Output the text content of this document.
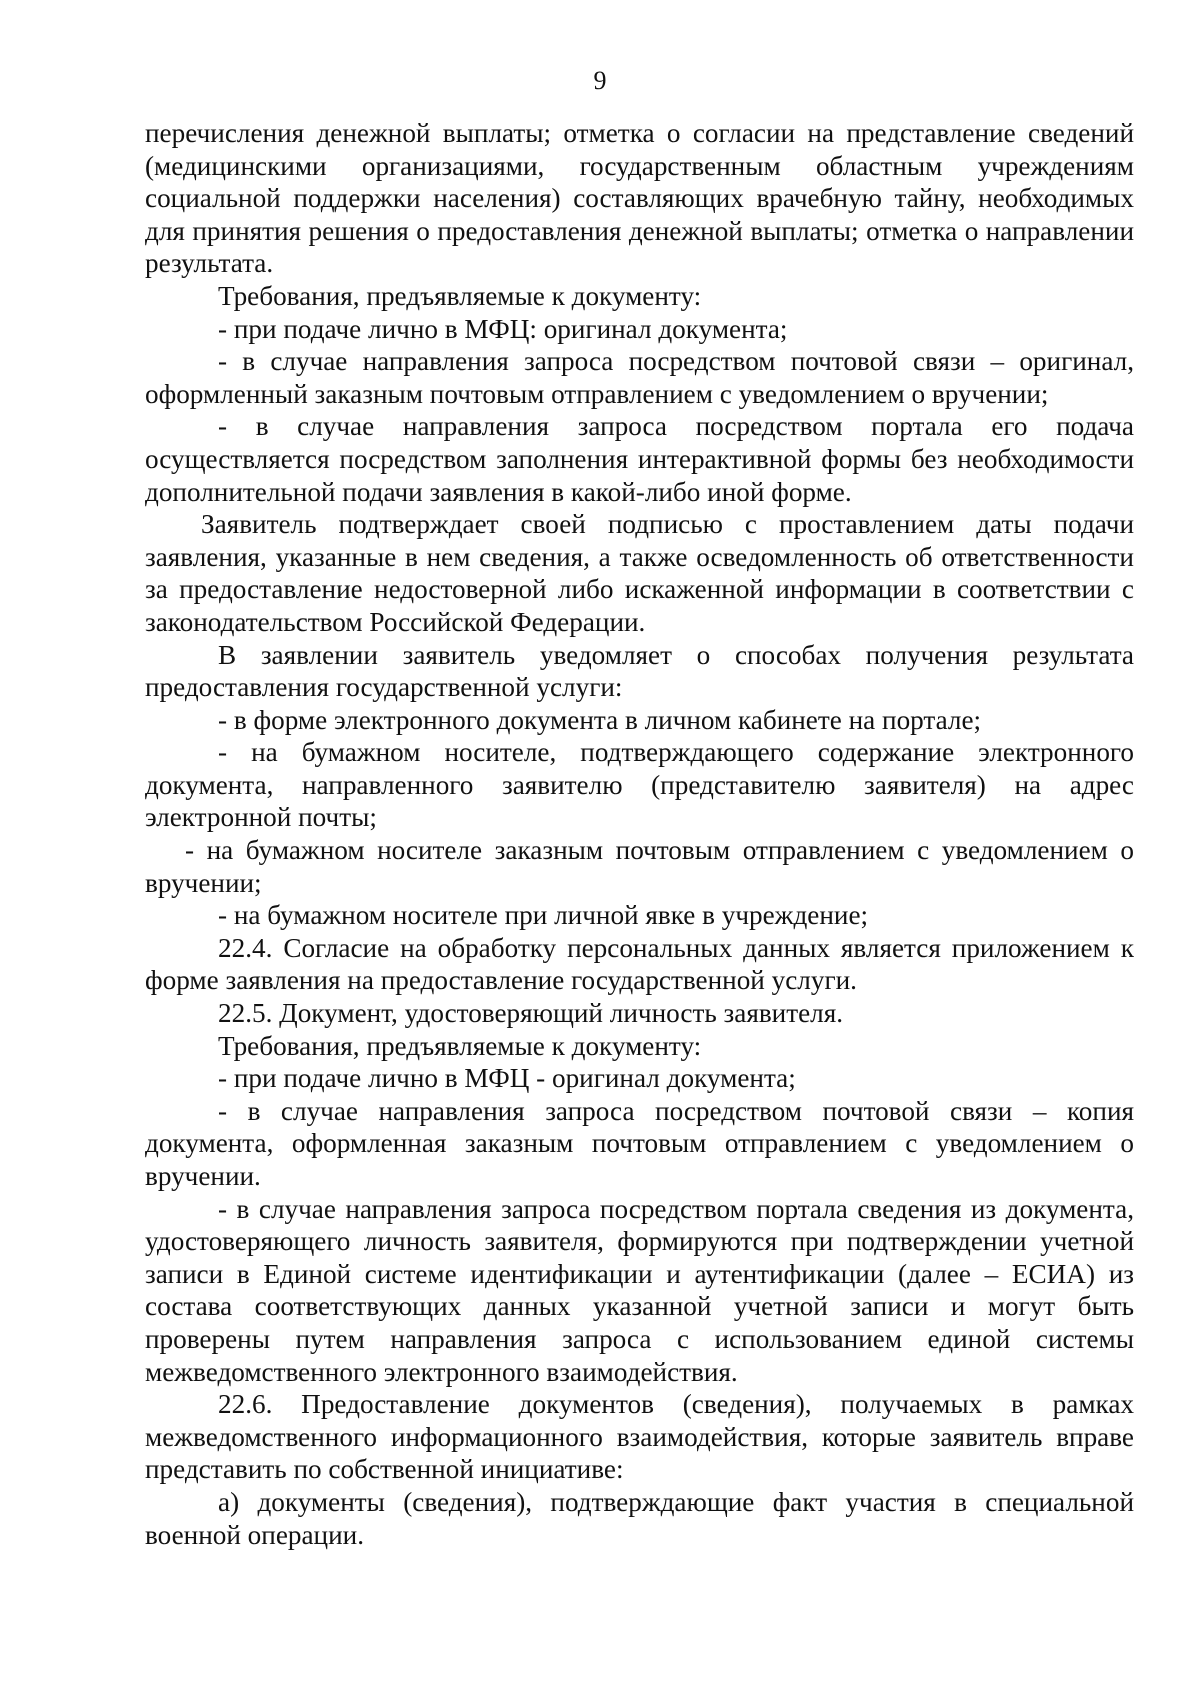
9

перечисления денежной выплаты; отметка о согласии на представление сведений (медицинскими организациями, государственным областным учреждениям социальной поддержки населения) составляющих врачебную тайну, необходимых для принятия решения о предоставления денежной выплаты; отметка о направлении результата.

Требования, предъявляемые к документу:

- при подаче лично в МФЦ: оригинал документа;

- в случае направления запроса посредством почтовой связи – оригинал, оформленный заказным почтовым отправлением с уведомлением о вручении;

- в случае направления запроса посредством портала его подача осуществляется посредством заполнения интерактивной формы без необходимости дополнительной подачи заявления в какой-либо иной форме.

Заявитель подтверждает своей подписью с проставлением даты подачи заявления, указанные в нем сведения, а также осведомленность об ответственности за предоставление недостоверной либо искаженной информации в соответствии с законодательством Российской Федерации.

В заявлении заявитель уведомляет о способах получения результата предоставления государственной услуги:

- в форме электронного документа в личном кабинете на портале;

- на бумажном носителе, подтверждающего содержание электронного документа, направленного заявителю (представителю заявителя) на адрес электронной почты;

- на бумажном носителе заказным почтовым отправлением с уведомлением о вручении;

- на бумажном носителе при личной явке в учреждение;

22.4. Согласие на обработку персональных данных является приложением к форме заявления на предоставление государственной услуги.

22.5. Документ, удостоверяющий личность заявителя.

Требования, предъявляемые к документу:

- при подаче лично в МФЦ - оригинал документа;

- в случае направления запроса посредством почтовой связи – копия документа, оформленная заказным почтовым отправлением с уведомлением о вручении.

- в случае направления запроса посредством портала сведения из документа, удостоверяющего личность заявителя, формируются при подтверждении учетной записи в Единой системе идентификации и аутентификации (далее – ЕСИА) из состава соответствующих данных указанной учетной записи и могут быть проверены путем направления запроса с использованием единой системы межведомственного электронного взаимодействия.

22.6. Предоставление документов (сведения), получаемых в рамках межведомственного информационного взаимодействия, которые заявитель вправе представить по собственной инициативе:

а) документы (сведения), подтверждающие факт участия в специальной военной операции.
